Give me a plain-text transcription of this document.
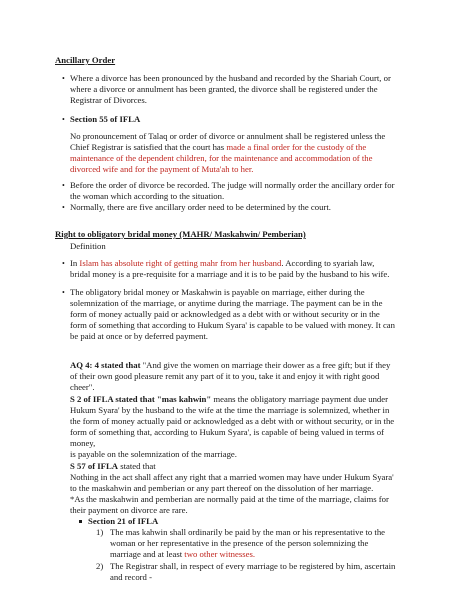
Ancillary Order
• Where a divorce has been pronounced by the husband and recorded by the Shariah Court, or
where a divorce or annulment has been granted, the divorce shall be registered under the
Registrar of Divorces.
• Section 55 of IFLA
No pronouncement of Talaq or order of divorce or annulment shall be registered unless the
Chief Registrar is satisfied that the court has made a final order for the custody of the
maintenance of the dependent children, for the maintenance and accommodation of the
divorced wife and for the payment of Muta'ah to her.
• Before the order of divorce be recorded. The judge will normally order the ancillary order for
the woman which according to the situation.
• Normally, there are five ancillary order need to be determined by the court.
Right to obligatory bridal money (MAHR/ Maskahwin/ Pemberian)
Definition
• In Islam has absolute right of getting mahr from her husband. According to syariah law,
bridal money is a pre-requisite for a marriage and it is to be paid by the husband to his wife.
• The obligatory bridal money or Maskahwin is payable on marriage, either during the
solemnization of the marriage, or anytime during the marriage. The payment can be in the
form of money actually paid or acknowledged as a debt with or without security or in the
form of something that according to Hukum Syara' is capable to be valued with money. It can
be paid at once or by deferred payment.
AQ 4: 4 stated that "And give the women on marriage their dower as a free gift; but if they
of their own good pleasure remit any part of it to you, take it and enjoy it with right good
cheer".
S 2 of IFLA stated that "mas kahwin" means the obligatory marriage payment due under
Hukum Syara' by the husband to the wife at the time the marriage is solemnized, whether in
the form of money actually paid or acknowledged as a debt with or without security, or in the
form of something that, according to Hukum Syara', is capable of being valued in terms of
money,
is payable on the solemnization of the marriage.
S 57 of IFLA stated that
Nothing in the act shall affect any right that a married women may have under Hukum Syara'
to the maskahwin and pemberian or any part thereof on the dissolution of her marriage.
*As the maskahwin and pemberian are normally paid at the time of the marriage, claims for
their payment on divorce are rare.
Section 21 of IFLA
1) The mas kahwin shall ordinarily be paid by the man or his representative to the
woman or her representative in the presence of the person solemnizing the
marriage and at least two other witnesses.
2) The Registrar shall, in respect of every marriage to be registered by him, ascertain
and record -
